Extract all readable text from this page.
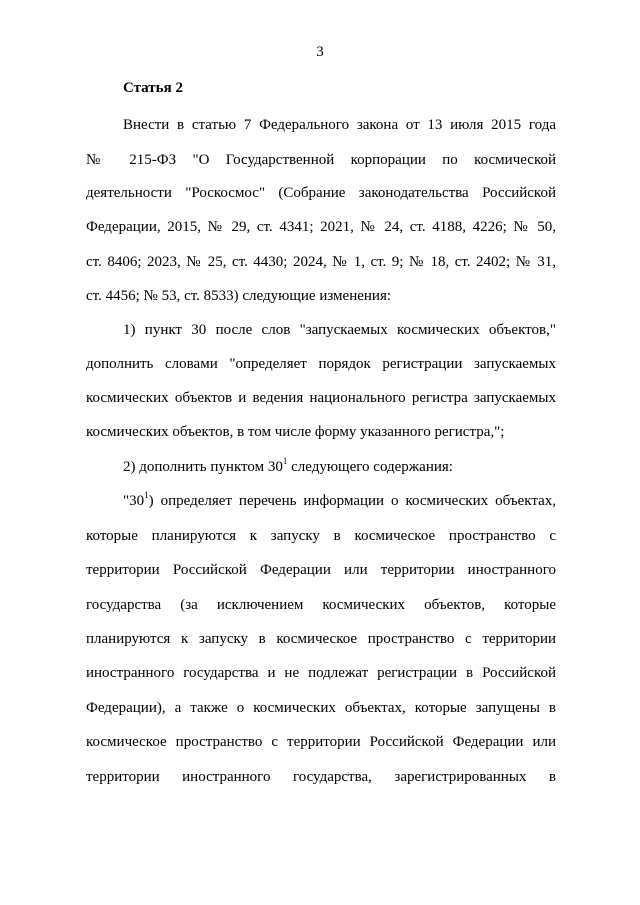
3
Статья 2
Внести в статью 7 Федерального закона от 13 июля 2015 года
№ 215-ФЗ "О Государственной корпорации по космической
деятельности "Роскосмос" (Собрание законодательства Российской
Федерации, 2015, № 29, ст. 4341; 2021, № 24, ст. 4188, 4226; № 50,
ст. 8406; 2023, № 25, ст. 4430; 2024, № 1, ст. 9; № 18, ст. 2402; № 31,
ст. 4456; № 53, ст. 8533) следующие изменения:
1) пункт 30 после слов "запускаемых космических объектов,"
дополнить словами "определяет порядок регистрации запускаемых
космических объектов и ведения национального регистра запускаемых
космических объектов, в том числе форму указанного регистра,";
2) дополнить пунктом $30^1$ следующего содержания:
"$30^1$) определяет перечень информации о космических объектах,
которые планируются к запуску в космическое пространство с
территории Российской Федерации или территории иностранного
государства (за исключением космических объектов, которые
планируются к запуску в космическое пространство с территории
иностранного государства и не подлежат регистрации в Российской
Федерации), а также о космических объектах, которые запущены в
космическое пространство с территории Российской Федерации или
территории иностранного государства, зарегистрированных в
